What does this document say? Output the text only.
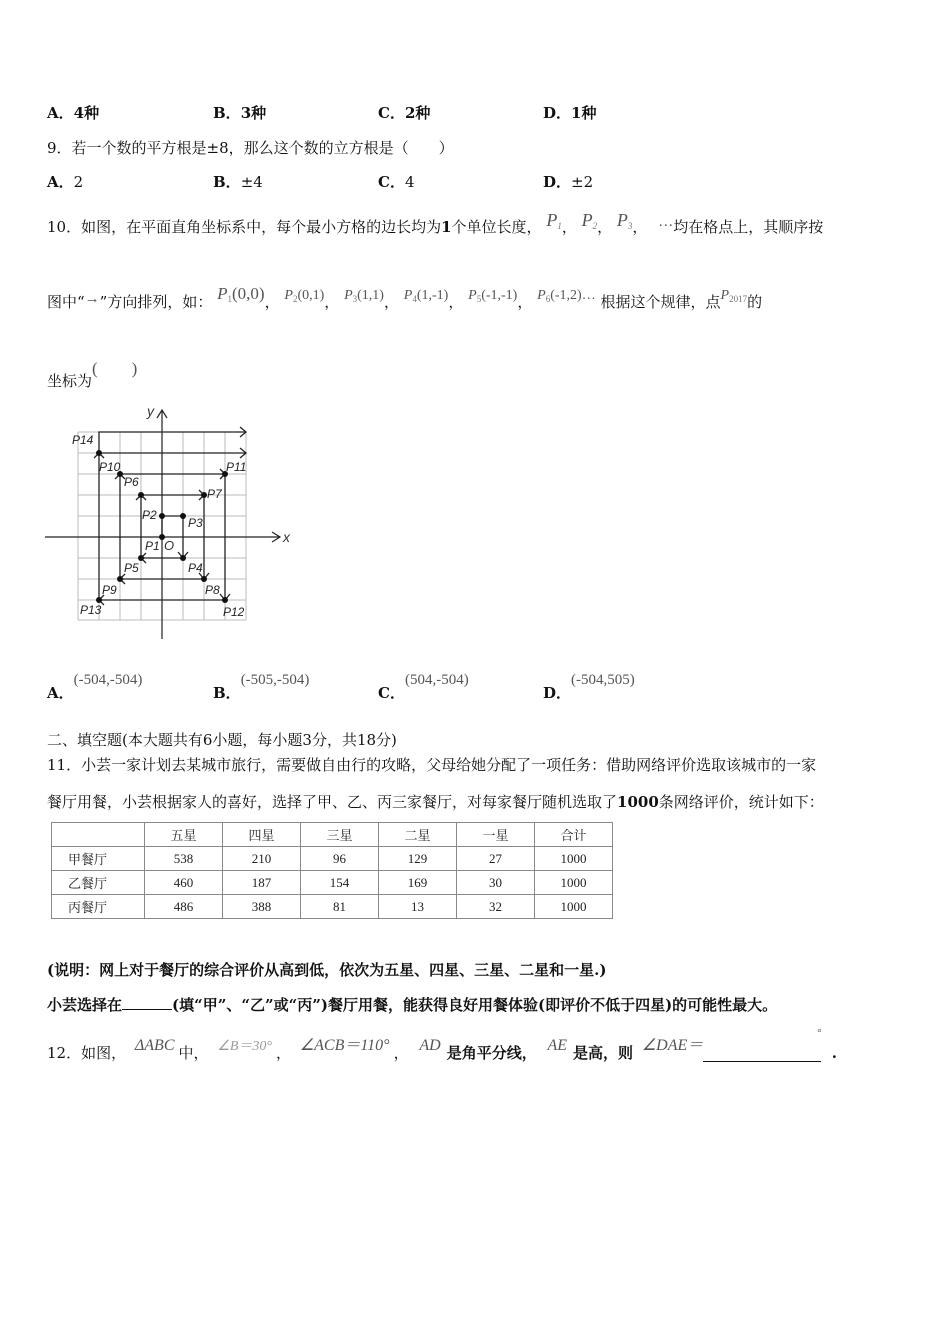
A．4种	B．3种	C．2种	D．1种
9．若一个数的平方根是±8，那么这个数的立方根是（　　）
A．2	B．±4	C．4	D．±2
10．如图，在平面直角坐标系中，每个最小方格的边长均为1个单位长度， $P_1$， $P_2$， $P_3$， …均在格点上，其顺序按
图中“→”方向排列，如： $P_1(0,0)$， $P_2(0,1)$， $P_3(1,1)$， $P_4(1,‐1)$， $P_5(‐1,‐1)$， $P_6(‐1,2)\dots$ 根据这个规律，点$P_{2017}$的
坐标为(　　)
x
y
O
P1
P2
P3
P4
P5
P6
P7
P8
P9
P10	P11
P12
P13
P14
A．(‐504,‐504)
B．(‐505,‐504)
C．(504,‐504)
D．(‐504,505)
二、填空题(本大题共有6小题，每小题3分，共18分)
11．小芸一家计划去某城市旅行，需要做自由行的攻略，父母给她分配了一项任务：借助网络评价选取该城市的一家
餐厅用餐，小芸根据家人的喜好，选择了甲、乙、丙三家餐厅，对每家餐厅随机选取了1000条网络评价，统计如下：
	五星	四星	三星	二星	一星	合计
甲餐厅	538	210	96	129	27	1000
乙餐厅	460	187	154	169	30	1000
丙餐厅	486	388	81	13	32	1000
(说明：网上对于餐厅的综合评价从高到低，依次为五星、四星、三星、二星和一星.)
小芸选择在	(填“甲”、“乙”或“丙”)餐厅用餐，能获得良好用餐体验(即评价不低于四星)的可能性最大。
12．如图， ΔABC 中， ∠B＝30° ， ∠ACB＝110° ， AD 是角平分线， AE 是高，则 ∠DAE＝°.
